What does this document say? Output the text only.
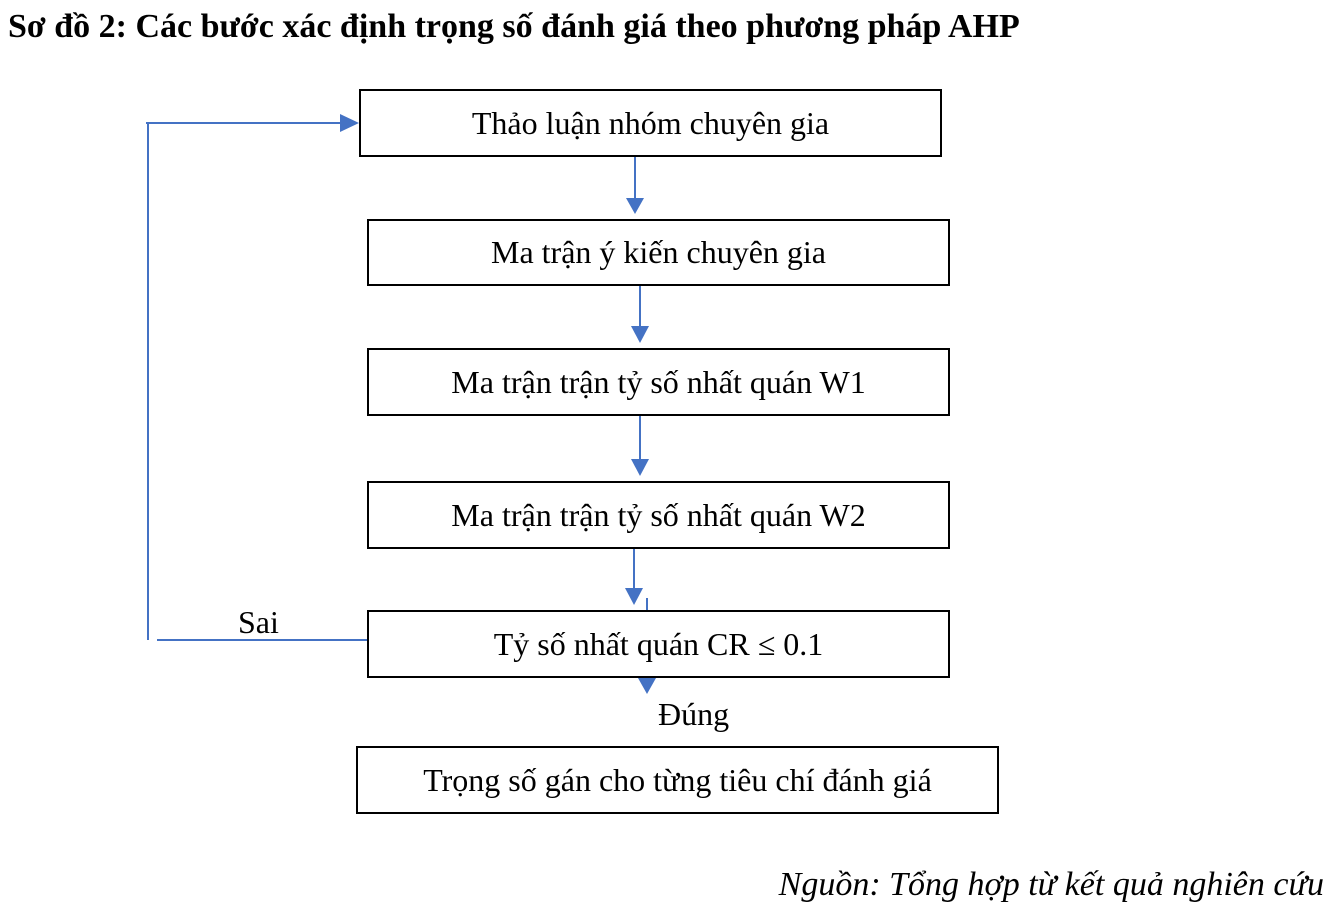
Sơ đồ 2: Các bước xác định trọng số đánh giá theo phương pháp AHP
Thảo luận nhóm chuyên gia
Ma trận ý kiến chuyên gia
Ma trận trận tỷ số nhất quán W1
Ma trận trận tỷ số nhất quán W2
Tỷ số nhất quán CR ≤ 0.1
Trọng số gán cho từng tiêu chí đánh giá
Sai
Đúng
Nguồn: Tổng hợp từ kết quả nghiên cứu
